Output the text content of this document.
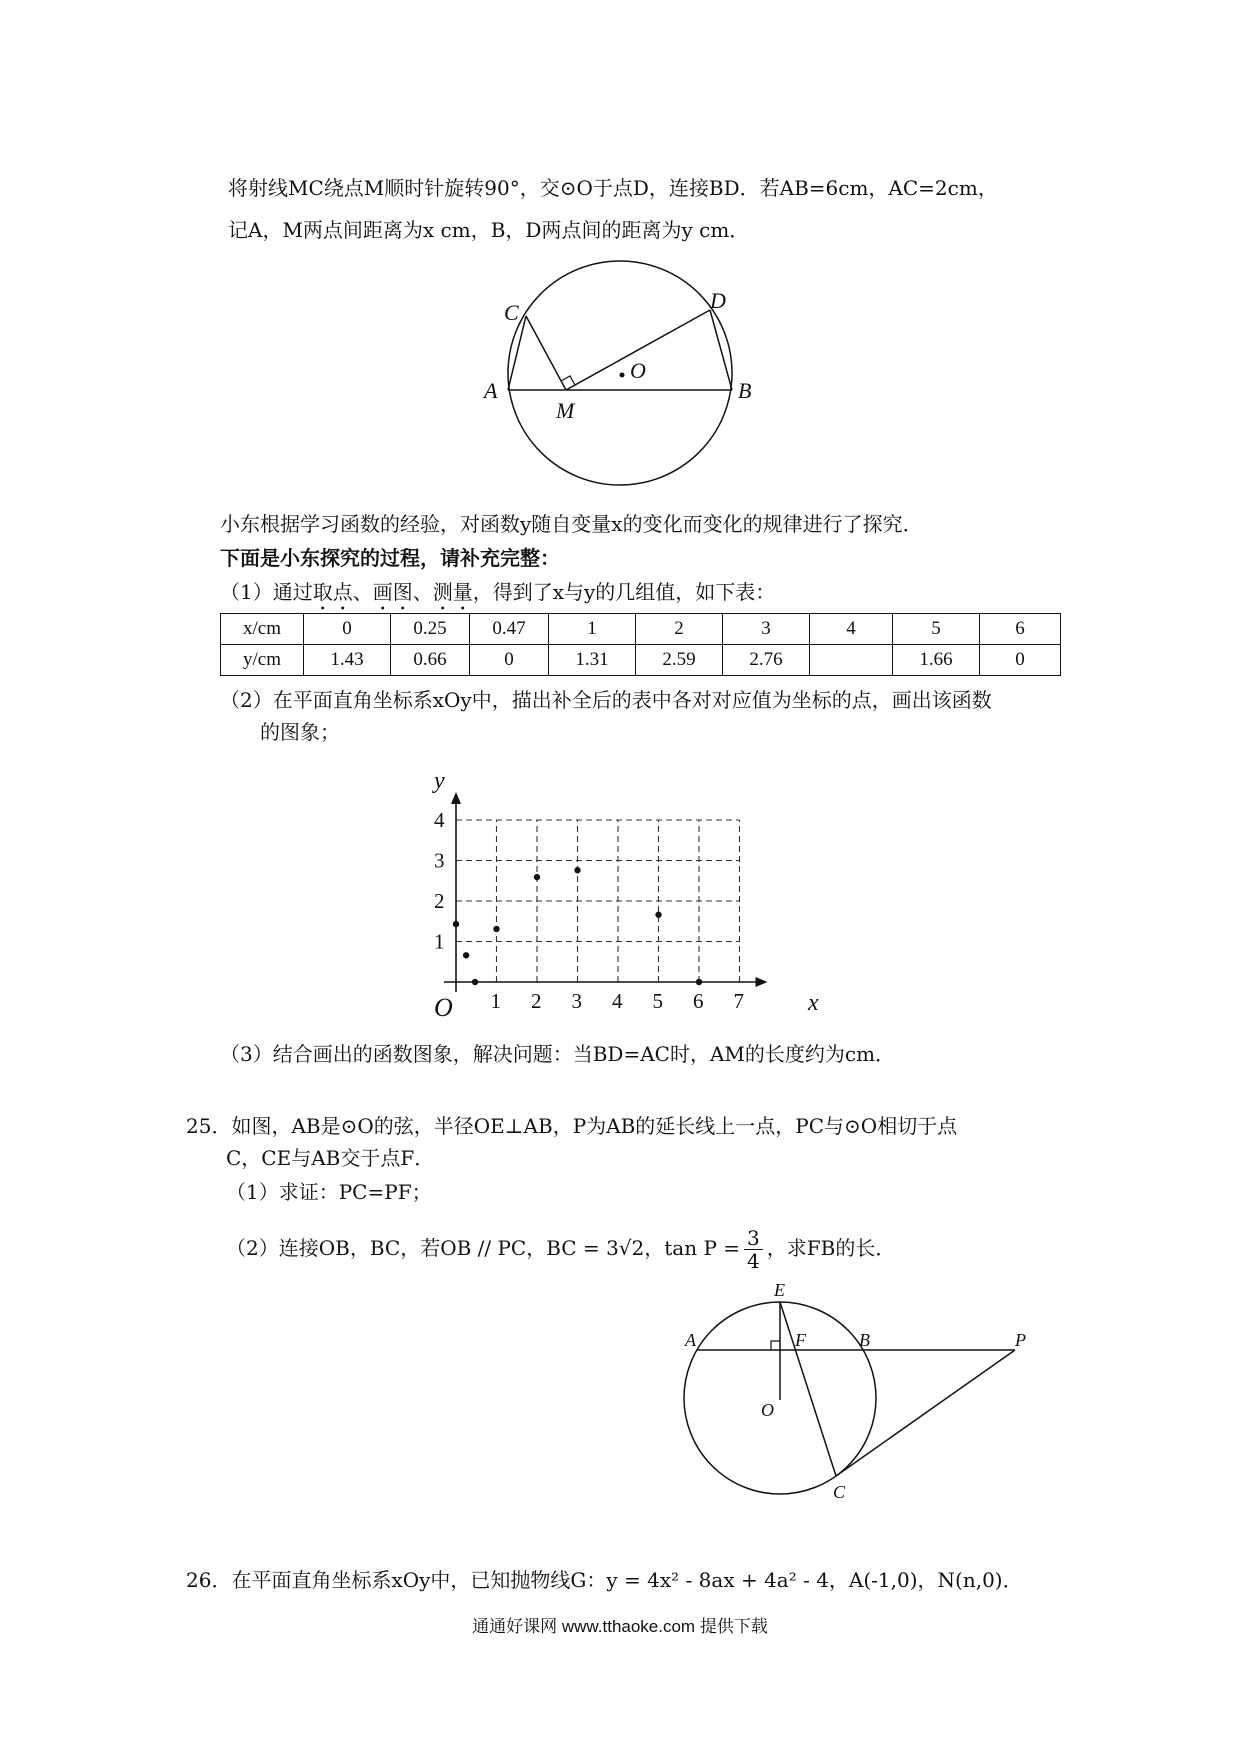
将射线MC绕点M顺时针旋转90°，交⊙O于点D，连接BD．若AB=6cm，AC=2cm，
记A，M两点间距离为x cm，B，D两点间的距离为y cm．
C	D
A	B
M
O
小东根据学习函数的经验，对函数y随自变量x的变化而变化的规律进行了探究．
下面是小东探究的过程，请补充完整：
（1）通过取点、画图、测量，得到了x与y的几组值，如下表：
x/cm	0	0.25	0.47	1	2	3	4	5	6
y/cm	1.43	0.66	0	1.31	2.59	2.76		1.66	0
（2）在平面直角坐标系xOy中，描出补全后的表中各对对应值为坐标的点，画出该函数
的图象；
1 2 3 4 5 6 7
1
2
3
4
O	x
y
（3）结合画出的函数图象，解决问题：当BD=AC时，AM的长度约为cm．
25．如图，AB是⊙O的弦，半径OE⊥AB，P为AB的延长线上一点，PC与⊙O相切于点
C，CE与AB交于点F．
（1）求证：PC=PF；
（2）连接OB，BC，若OB // PC，BC = 3√2，$\tan P = \frac{3}{4}$ ，求FB的长．
E
A	F	B	P
O
C
26．在平面直角坐标系xOy中，已知抛物线G：y = 4x² - 8ax + 4a² - 4，A(-1,0)，N(n,0)．
通通好课网 www.tthaoke.com 提供下载
